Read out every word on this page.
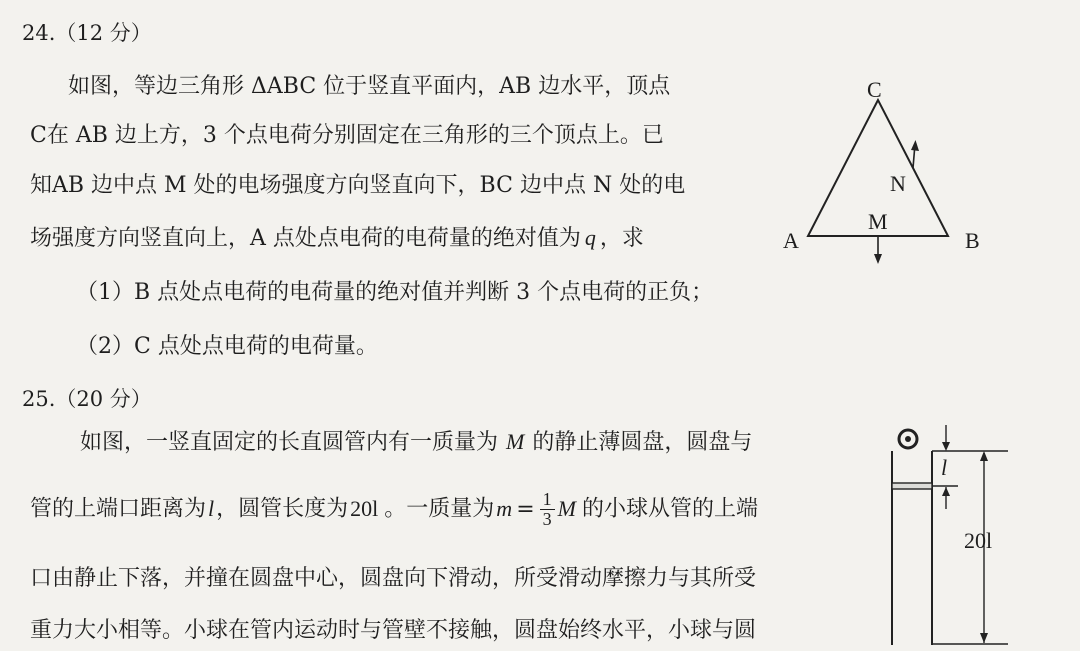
24.（12 分）
如图，等边三角形 ΔABC 位于竖直平面内，AB 边水平，顶点
C在 AB 边上方，3 个点电荷分别固定在三角形的三个顶点上。已
知AB 边中点 M 处的电场强度方向竖直向下，BC 边中点 N 处的电
场强度方向竖直向上，A 点处点电荷的电荷量的绝对值为 q ，求
（1）B 点处点电荷的电荷量的绝对值并判断 3 个点电荷的正负；
（2）C 点处点电荷的电荷量。
C
N
M
A	B
25.（20 分）
如图，一竖直固定的长直圆管内有一质量为 M 的静止薄圆盘，圆盘与
管的上端口距离为l，圆管长度为20l 。一质量为$m = \frac{1}{3}$ M 的小球从管的上端
口由静止下落，并撞在圆盘中心，圆盘向下滑动，所受滑动摩擦力与其所受
重力大小相等。小球在管内运动时与管壁不接触，圆盘始终水平，小球与圆
l
20l
